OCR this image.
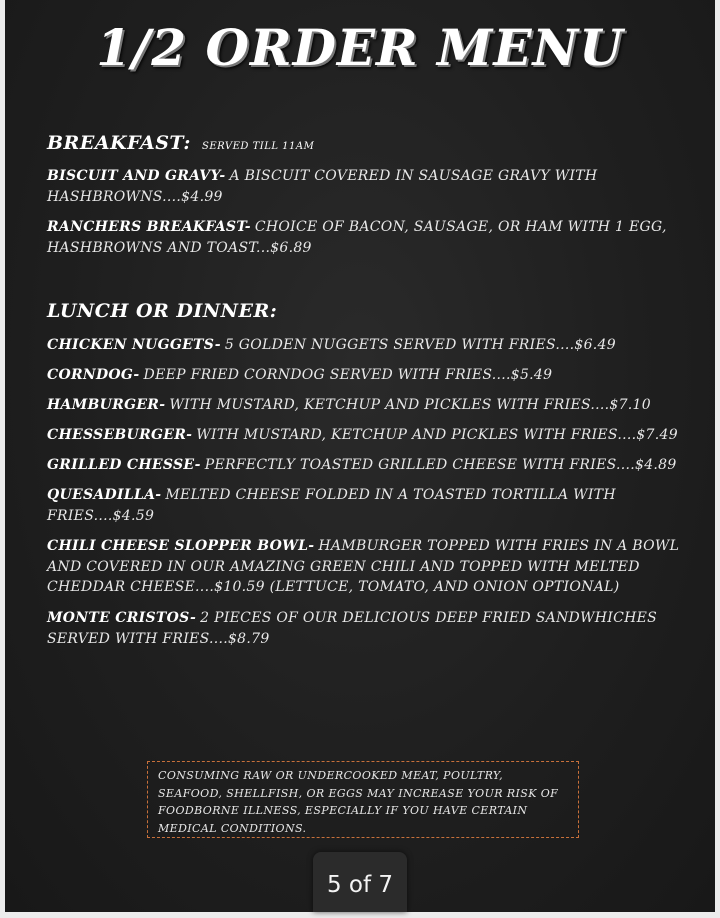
1/2 ORDER MENU
BREAKFAST: SERVED TILL 11AM
BISCUIT AND GRAVY- A BISCUIT COVERED IN SAUSAGE GRAVY WITH HASHBROWNS....$4.99
RANCHERS BREAKFAST- CHOICE OF BACON, SAUSAGE, OR HAM WITH 1 EGG, HASHBROWNS AND TOAST...$6.89
LUNCH OR DINNER:
CHICKEN NUGGETS- 5 GOLDEN NUGGETS SERVED WITH FRIES....$6.49
CORNDOG- DEEP FRIED CORNDOG SERVED WITH FRIES....$5.49
HAMBURGER- WITH MUSTARD, KETCHUP AND PICKLES WITH FRIES....$7.10
CHESSEBURGER- WITH MUSTARD, KETCHUP AND PICKLES WITH FRIES....$7.49
GRILLED CHESSE- PERFECTLY TOASTED GRILLED CHEESE WITH FRIES....$4.89
QUESADILLA- MELTED CHEESE FOLDED IN A TOASTED TORTILLA WITH FRIES....$4.59
CHILI CHEESE SLOPPER BOWL- HAMBURGER TOPPED WITH FRIES IN A BOWL AND COVERED IN OUR AMAZING GREEN CHILI AND TOPPED WITH MELTED CHEDDAR CHEESE....$10.59 (LETTUCE, TOMATO, AND ONION OPTIONAL)
MONTE CRISTOS- 2 PIECES OF OUR DELICIOUS DEEP FRIED SANDWHICHES SERVED WITH FRIES....$8.79
CONSUMING RAW OR UNDERCOOKED MEAT, POULTRY, SEAFOOD, SHELLFISH, OR EGGS MAY INCREASE YOUR RISK OF FOODBORNE ILLNESS, ESPECIALLY IF YOU HAVE CERTAIN MEDICAL CONDITIONS.
5 of 7
